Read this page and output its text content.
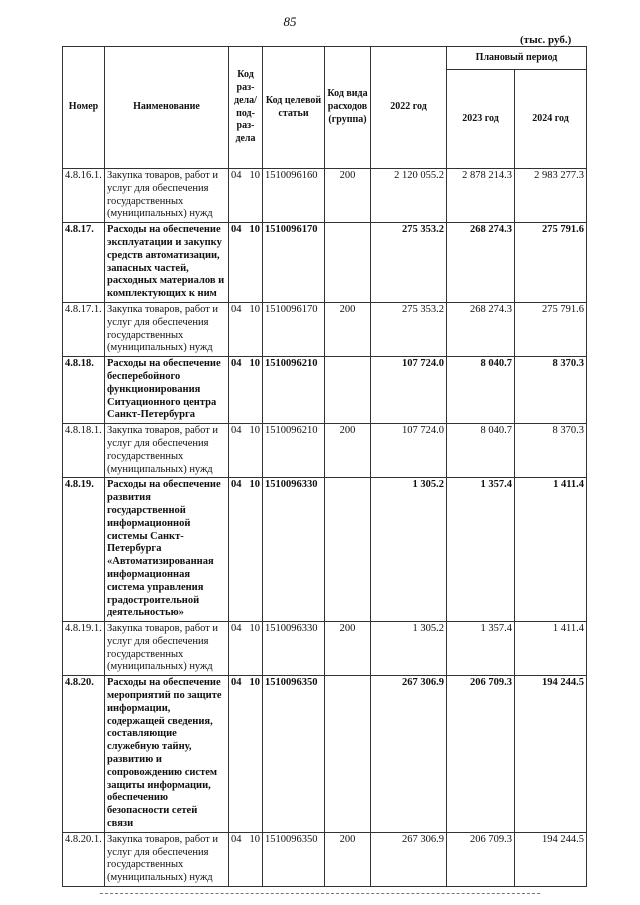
85
(тыс. руб.)
Номер	Наименование	Код раз-дела/ под-раз-дела	Код целевой статьи	Код вида расходов (группа)	2022 год	Плановый период	
						2023 год	2024 год
4.8.16.1.	Закупка товаров, работ и услуг для обеспечения государственных (муниципальных) нужд	04 10	1510096160	200	2 120 055.2	2 878 214.3	2 983 277.3
4.8.17.	Расходы на обеспечение эксплуатации и закупку средств автоматизации, запасных частей, расходных материалов и комплектующих к ним	04 10	1510096170		275 353.2	268 274.3	275 791.6
4.8.17.1.	Закупка товаров, работ и услуг для обеспечения государственных (муниципальных) нужд	04 10	1510096170	200	275 353.2	268 274.3	275 791.6
4.8.18.	Расходы на обеспечение бесперебойного функционирования Ситуационного центра Санкт-Петербурга	04 10	1510096210		107 724.0	8 040.7	8 370.3
4.8.18.1.	Закупка товаров, работ и услуг для обеспечения государственных (муниципальных) нужд	04 10	1510096210	200	107 724.0	8 040.7	8 370.3
4.8.19.	Расходы на обеспечение развития государственной информационной системы Санкт-Петербурга «Автоматизированная информационная система управления градостроительной деятельностью»	04 10	1510096330		1 305.2	1 357.4	1 411.4
4.8.19.1.	Закупка товаров, работ и услуг для обеспечения государственных (муниципальных) нужд	04 10	1510096330	200	1 305.2	1 357.4	1 411.4
4.8.20.	Расходы на обеспечение мероприятий по защите информации, содержащей сведения, составляющие служебную тайну, развитию и сопровождению систем защиты информации, обеспечению безопасности сетей связи	04 10	1510096350		267 306.9	206 709.3	194 244.5
4.8.20.1.	Закупка товаров, работ и услуг для обеспечения государственных (муниципальных) нужд	04 10	1510096350	200	267 306.9	206 709.3	194 244.5
